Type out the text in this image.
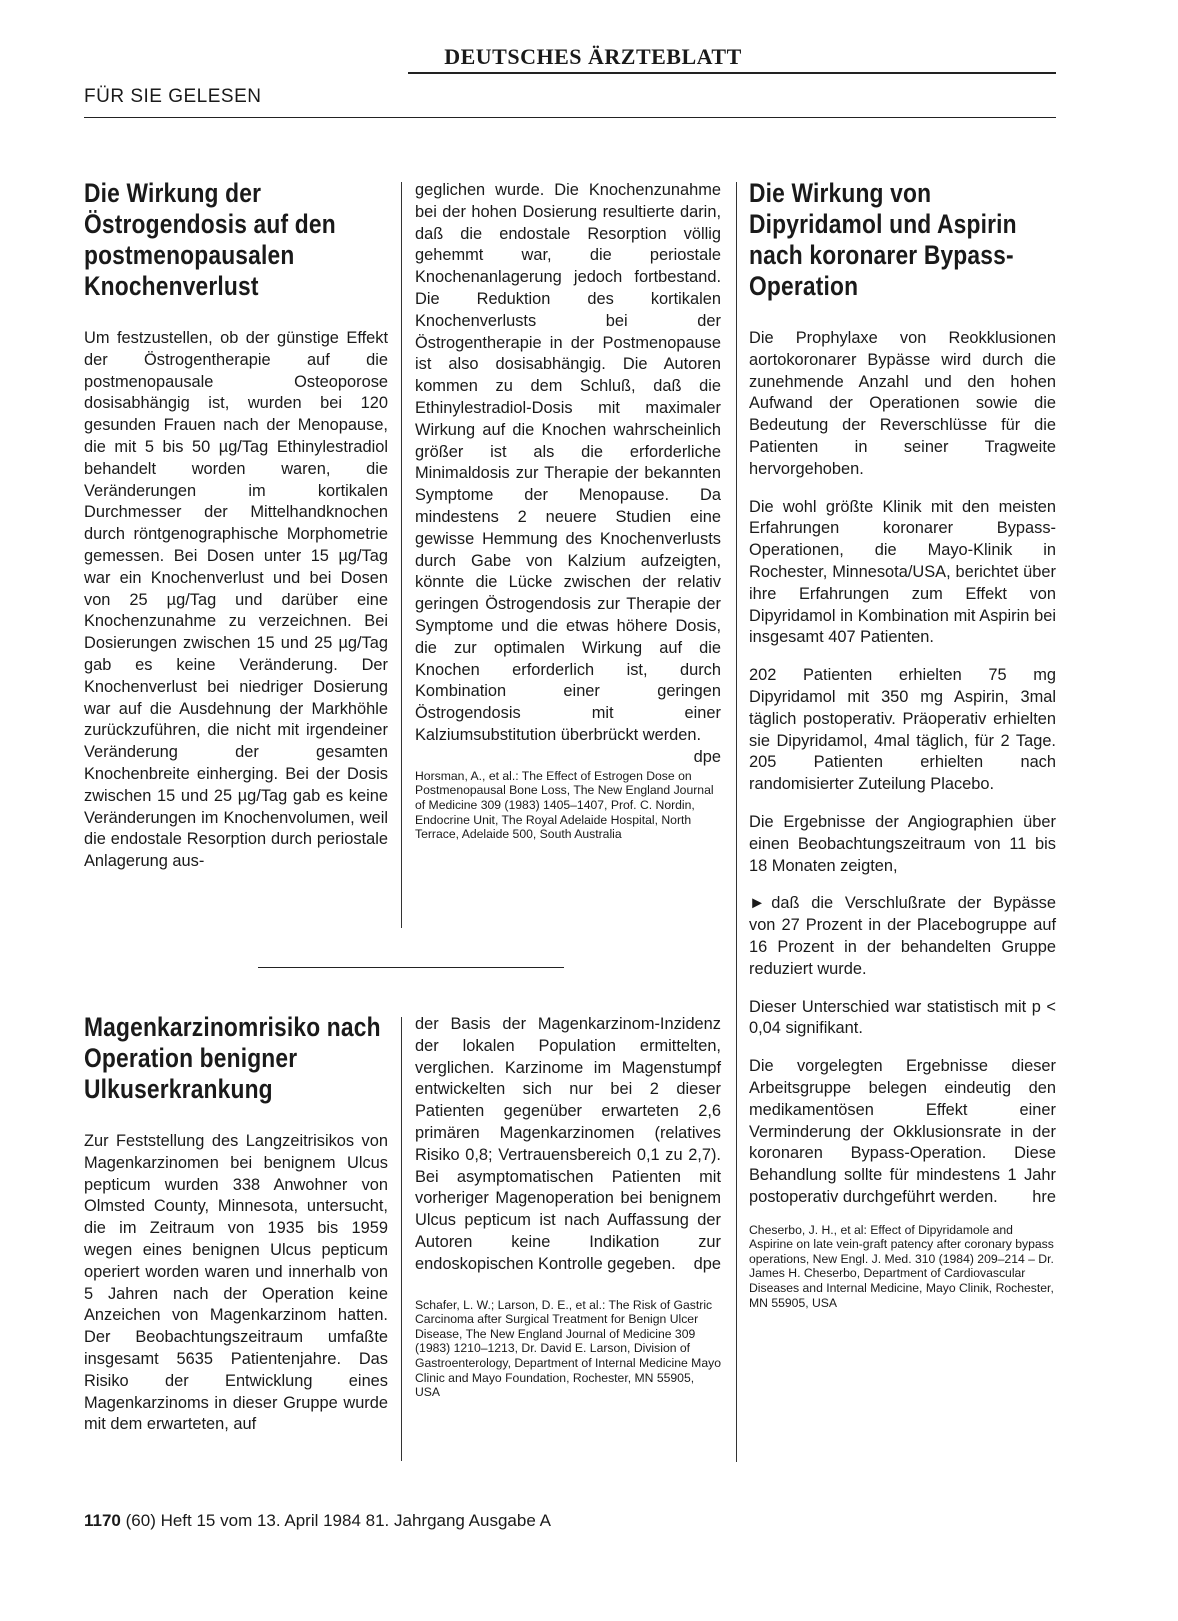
DEUTSCHES ÄRZTEBLATT
FÜR SIE GELESEN
Die Wirkung der Östrogendosis auf den postmenopausalen Knochenverlust

Um festzustellen, ob der günstige Effekt der Östrogentherapie auf die postmenopausale Osteoporose dosisabhängig ist, wurden bei 120 gesunden Frauen nach der Menopause, die mit 5 bis 50 µg/Tag Ethinylestradiol behandelt worden waren, die Veränderungen im kortikalen Durchmesser der Mittelhandknochen durch röntgenographische Morphometrie gemessen. Bei Dosen unter 15 µg/Tag war ein Knochenverlust und bei Dosen von 25 µg/Tag und darüber eine Knochenzunahme zu verzeichnen. Bei Dosierungen zwischen 15 und 25 µg/Tag gab es keine Veränderung. Der Knochenverlust bei niedriger Dosierung war auf die Ausdehnung der Markhöhle zurückzuführen, die nicht mit irgendeiner Veränderung der gesamten Knochenbreite einherging. Bei der Dosis zwischen 15 und 25 µg/Tag gab es keine Veränderungen im Knochenvolumen, weil die endostale Resorption durch periostale Anlagerung aus-

geglichen wurde. Die Knochenzunahme bei der hohen Dosierung resultierte darin, daß die endostale Resorption völlig gehemmt war, die periostale Knochenanlagerung jedoch fortbestand. Die Reduktion des kortikalen Knochenverlusts bei der Östrogentherapie in der Postmenopause ist also dosisabhängig. Die Autoren kommen zu dem Schluß, daß die Ethinylestradiol-Dosis mit maximaler Wirkung auf die Knochen wahrscheinlich größer ist als die erforderliche Minimaldosis zur Therapie der bekannten Symptome der Menopause. Da mindestens 2 neuere Studien eine gewisse Hemmung des Knochenverlusts durch Gabe von Kalzium aufzeigten, könnte die Lücke zwischen der relativ geringen Östrogendosis zur Therapie der Symptome und die etwas höhere Dosis, die zur optimalen Wirkung auf die Knochen erforderlich ist, durch Kombination einer geringen Östrogendosis mit einer Kalziumsubstitution überbrückt werden.
dpe

Horsman, A., et al.: The Effect of Estrogen Dose on Postmenopausal Bone Loss, The New England Journal of Medicine 309 (1983) 1405–1407, Prof. C. Nordin, Endocrine Unit, The Royal Adelaide Hospital, North Terrace, Adelaide 500, South Australia
Magenkarzinomrisiko nach Operation benigner Ulkuserkrankung

Zur Feststellung des Langzeitrisikos von Magenkarzinomen bei benignem Ulcus pepticum wurden 338 Anwohner von Olmsted County, Minnesota, untersucht, die im Zeitraum von 1935 bis 1959 wegen eines benignen Ulcus pepticum operiert worden waren und innerhalb von 5 Jahren nach der Operation keine Anzeichen von Magenkarzinom hatten. Der Beobachtungszeitraum umfaßte insgesamt 5635 Patientenjahre. Das Risiko der Entwicklung eines Magenkarzinoms in dieser Gruppe wurde mit dem erwarteten, auf

der Basis der Magenkarzinom-Inzidenz der lokalen Population ermittelten, verglichen. Karzinome im Magenstumpf entwickelten sich nur bei 2 dieser Patienten gegenüber erwarteten 2,6 primären Magenkarzinomen (relatives Risiko 0,8; Vertrauensbereich 0,1 zu 2,7). Bei asymptomatischen Patienten mit vorheriger Magenoperation bei benignem Ulcus pepticum ist nach Auffassung der Autoren keine Indikation zur endoskopischen Kontrolle gegeben. dpe

Schafer, L. W.; Larson, D. E., et al.: The Risk of Gastric Carcinoma after Surgical Treatment for Benign Ulcer Disease, The New England Journal of Medicine 309 (1983) 1210–1213, Dr. David E. Larson, Division of Gastroenterology, Department of Internal Medicine Mayo Clinic and Mayo Foundation, Rochester, MN 55905, USA
Die Wirkung von Dipyridamol und Aspirin nach koronarer Bypass-Operation

Die Prophylaxe von Reokklusionen aortokoronarer Bypässe wird durch die zunehmende Anzahl und den hohen Aufwand der Operationen sowie die Bedeutung der Reverschlüsse für die Patienten in seiner Tragweite hervorgehoben.

Die wohl größte Klinik mit den meisten Erfahrungen koronarer Bypass-Operationen, die Mayo-Klinik in Rochester, Minnesota/USA, berichtet über ihre Erfahrungen zum Effekt von Dipyridamol in Kombination mit Aspirin bei insgesamt 407 Patienten.

202 Patienten erhielten 75 mg Dipyridamol mit 350 mg Aspirin, 3mal täglich postoperativ. Präoperativ erhielten sie Dipyridamol, 4mal täglich, für 2 Tage. 205 Patienten erhielten nach randomisierter Zuteilung Placebo.

Die Ergebnisse der Angiographien über einen Beobachtungszeitraum von 11 bis 18 Monaten zeigten,

► daß die Verschlußrate der Bypässe von 27 Prozent in der Placebogruppe auf 16 Prozent in der behandelten Gruppe reduziert wurde.

Dieser Unterschied war statistisch mit p < 0,04 signifikant.

Die vorgelegten Ergebnisse dieser Arbeitsgruppe belegen eindeutig den medikamentösen Effekt einer Verminderung der Okklusionsrate in der koronaren Bypass-Operation. Diese Behandlung sollte für mindestens 1 Jahr postoperativ durchgeführt werden. hre

Cheserbo, J. H., et al: Effect of Dipyridamole and Aspirine on late vein-graft patency after coronary bypass operations, New Engl. J. Med. 310 (1984) 209–214 – Dr. James H. Cheserbo, Department of Cardiovascular Diseases and Internal Medicine, Mayo Clinik, Rochester, MN 55905, USA
1170 (60) Heft 15 vom 13. April 1984 81. Jahrgang Ausgabe A
